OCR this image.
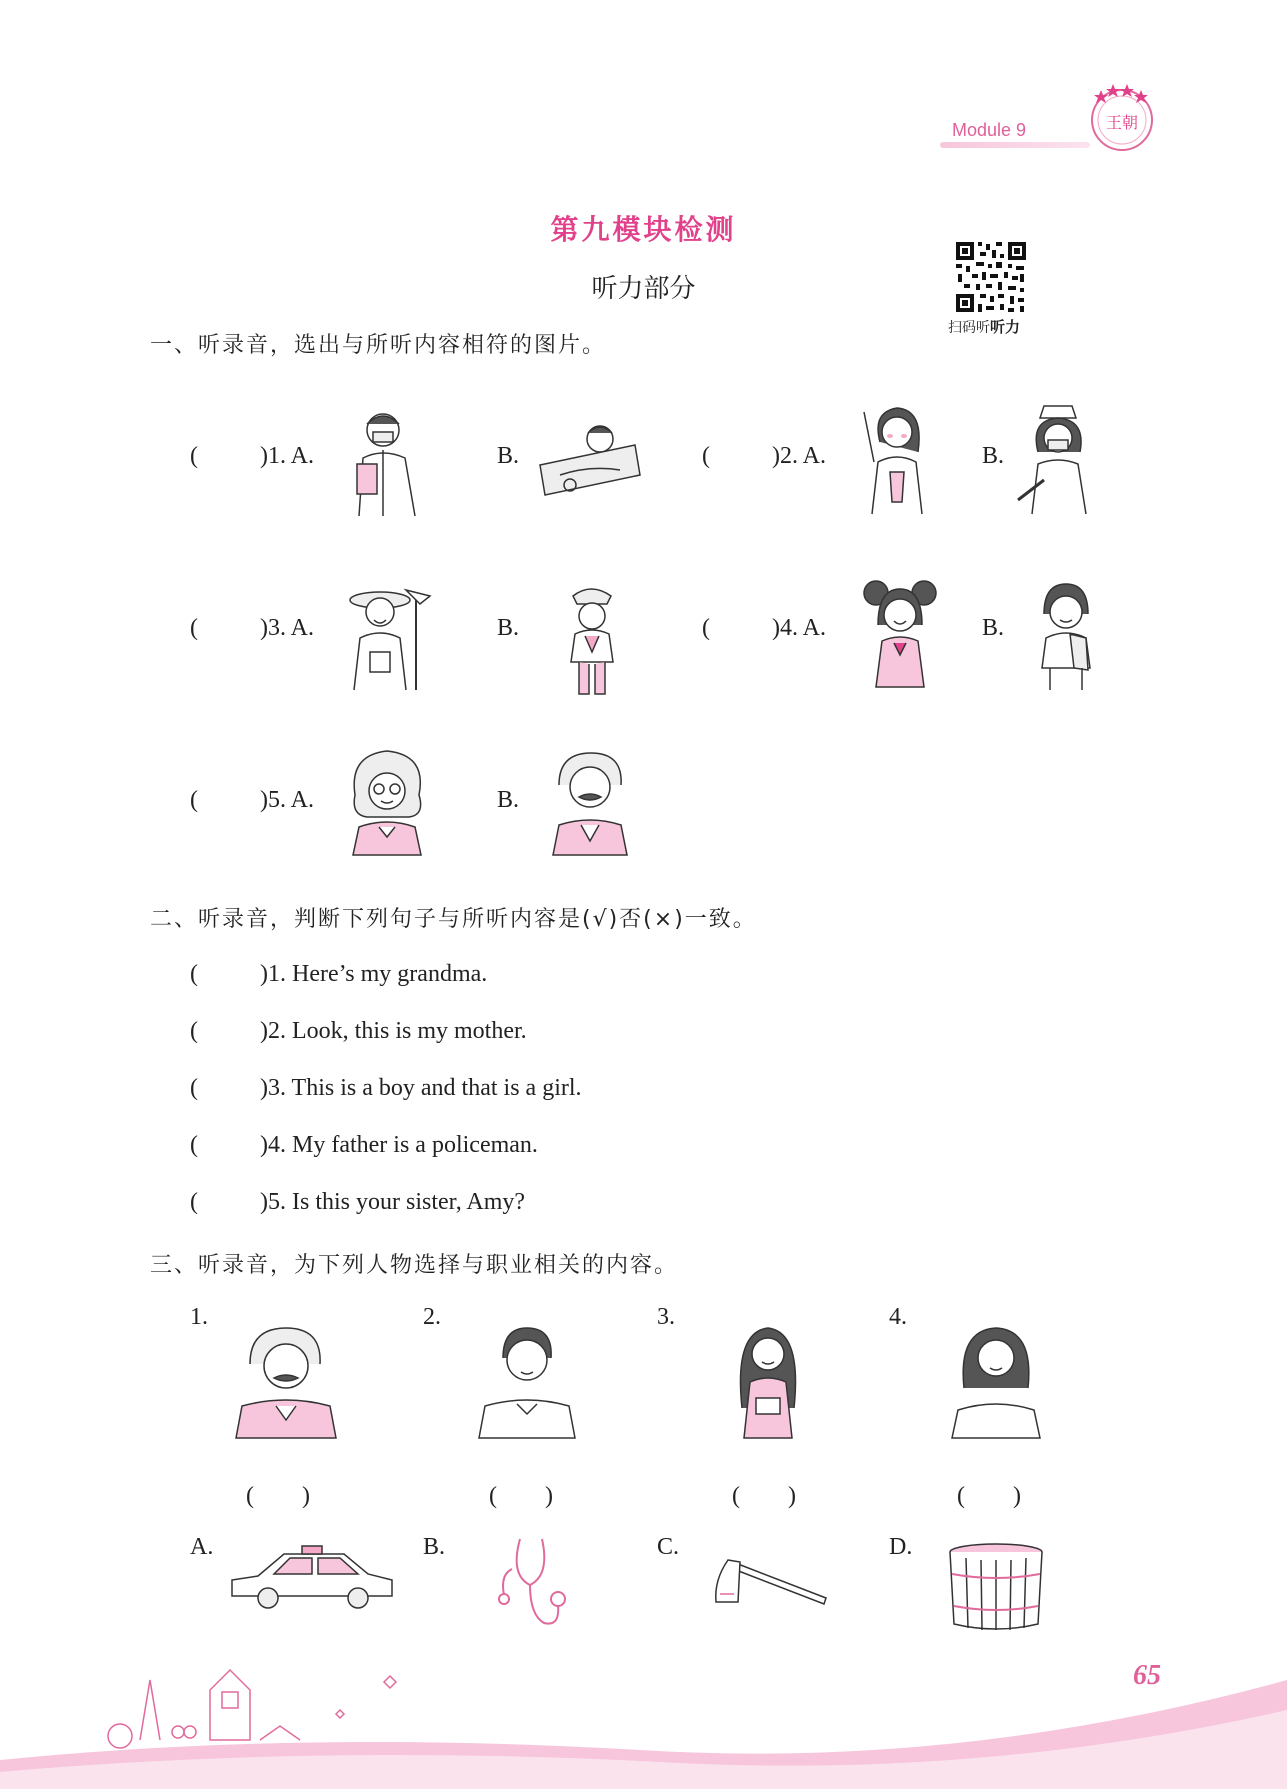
王朝
Module 9
第九模块检测
听力部分
扫码听听力
一、听录音，选出与所听内容相符的图片。
(	)1. A.	B.	(	)2. A.	B.
(	)3. A.	B.	(	)4. A.	B.
(	)5. A.	B.
二、听录音，判断下列句子与所听内容是(√)否(×)一致。
(	)1. Here’s my grandma.
(	)2. Look, this is my mother.
(	)3. This is a boy and that is a girl.
(	)4. My father is a policeman.
(	)5. Is this your sister, Amy?
三、听录音，为下列人物选择与职业相关的内容。
1.	2.	3.	4.
(　　)	(　　)	(　　)	(　　)
A.	B.	C.	D.
65
